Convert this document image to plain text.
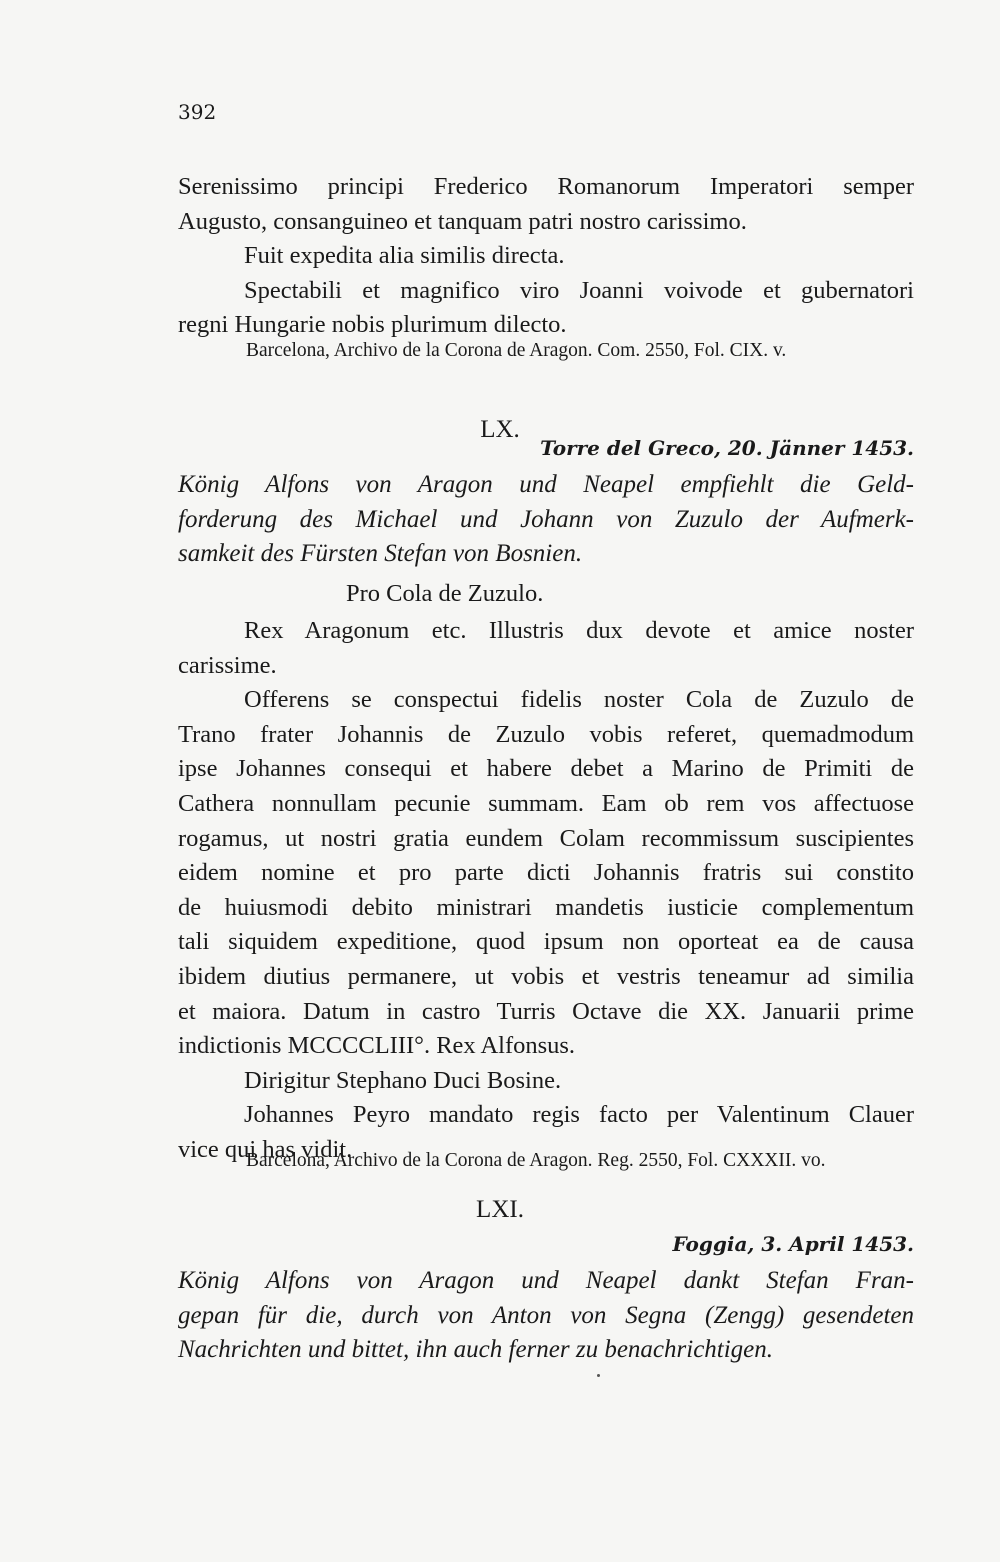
392
Serenissimo principi Frederico Romanorum Imperatori semper
Augusto, consanguineo et tanquam patri nostro carissimo.
Fuit expedita alia similis directa.
Spectabili et magnifico viro Joanni voivode et gubernatori
regni Hungarie nobis plurimum dilecto.
Barcelona, Archivo de la Corona de Aragon. Com. 2550, Fol. CIX. v.
LX.
Torre del Greco, 20. Jänner 1453.
König Alfons von Aragon und Neapel empfiehlt die Geld-
forderung des Michael und Johann von Zuzulo der Aufmerk-
samkeit des Fürsten Stefan von Bosnien.
Pro Cola de Zuzulo.
Rex Aragonum etc. Illustris dux devote et amice noster
carissime.
Offerens se conspectui fidelis noster Cola de Zuzulo de
Trano frater Johannis de Zuzulo vobis referet, quemadmodum
ipse Johannes consequi et habere debet a Marino de Primiti de
Cathera nonnullam pecunie summam. Eam ob rem vos affectuose
rogamus, ut nostri gratia eundem Colam recommissum suscipientes
eidem nomine et pro parte dicti Johannis fratris sui constito
de huiusmodi debito ministrari mandetis iusticie complementum
tali siquidem expeditione, quod ipsum non oporteat ea de causa
ibidem diutius permanere, ut vobis et vestris teneamur ad similia
et maiora. Datum in castro Turris Octave die XX. Januarii prime
indictionis MCCCCLIII°. Rex Alfonsus.
Dirigitur Stephano Duci Bosine.
Johannes Peyro mandato regis facto per Valentinum Clauer
vice qui has vidit.
Barcelona, Archivo de la Corona de Aragon. Reg. 2550, Fol. CXXXII. vo.
LXI.
Foggia, 3. April 1453.
König Alfons von Aragon und Neapel dankt Stefan Fran-
gepan für die, durch von Anton von Segna (Zengg) gesendeten
Nachrichten und bittet, ihn auch ferner zu benachrichtigen.
